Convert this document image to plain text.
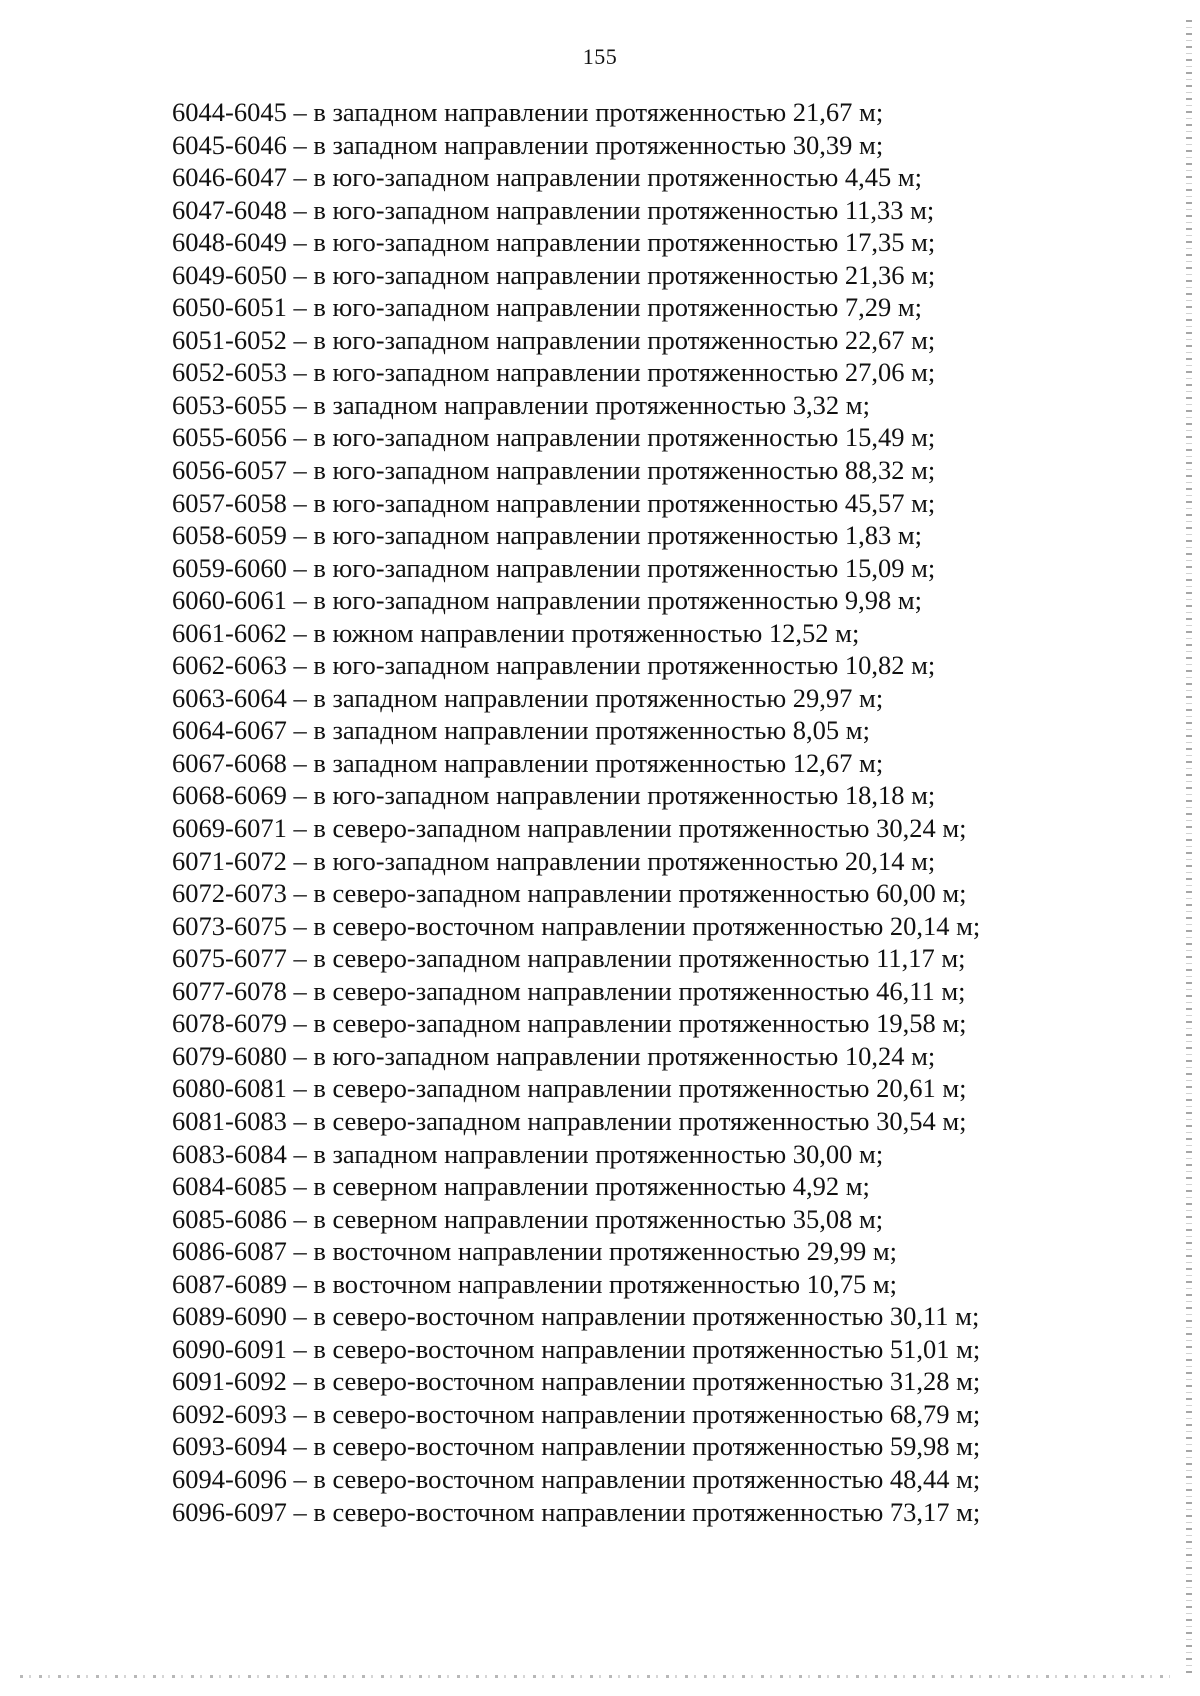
155
6044-6045 – в западном направлении протяженностью 21,67 м;
6045-6046 – в западном направлении протяженностью 30,39 м;
6046-6047 – в юго-западном направлении протяженностью 4,45 м;
6047-6048 – в юго-западном направлении протяженностью 11,33 м;
6048-6049 – в юго-западном направлении протяженностью 17,35 м;
6049-6050 – в юго-западном направлении протяженностью 21,36 м;
6050-6051 – в юго-западном направлении протяженностью 7,29 м;
6051-6052 – в юго-западном направлении протяженностью 22,67 м;
6052-6053 – в юго-западном направлении протяженностью 27,06 м;
6053-6055 – в западном направлении протяженностью 3,32 м;
6055-6056 – в юго-западном направлении протяженностью 15,49 м;
6056-6057 – в юго-западном направлении протяженностью 88,32 м;
6057-6058 – в юго-западном направлении протяженностью 45,57 м;
6058-6059 – в юго-западном направлении протяженностью 1,83 м;
6059-6060 – в юго-западном направлении протяженностью 15,09 м;
6060-6061 – в юго-западном направлении протяженностью 9,98 м;
6061-6062 – в южном направлении протяженностью 12,52 м;
6062-6063 – в юго-западном направлении протяженностью 10,82 м;
6063-6064 – в западном направлении протяженностью 29,97 м;
6064-6067 – в западном направлении протяженностью 8,05 м;
6067-6068 – в западном направлении протяженностью 12,67 м;
6068-6069 – в юго-западном направлении протяженностью 18,18 м;
6069-6071 – в северо-западном направлении протяженностью 30,24 м;
6071-6072 – в юго-западном направлении протяженностью 20,14 м;
6072-6073 – в северо-западном направлении протяженностью 60,00 м;
6073-6075 – в северо-восточном направлении протяженностью 20,14 м;
6075-6077 – в северо-западном направлении протяженностью 11,17 м;
6077-6078 – в северо-западном направлении протяженностью 46,11 м;
6078-6079 – в северо-западном направлении протяженностью 19,58 м;
6079-6080 – в юго-западном направлении протяженностью 10,24 м;
6080-6081 – в северо-западном направлении протяженностью 20,61 м;
6081-6083 – в северо-западном направлении протяженностью 30,54 м;
6083-6084 – в западном направлении протяженностью 30,00 м;
6084-6085 – в северном направлении протяженностью 4,92 м;
6085-6086 – в северном направлении протяженностью 35,08 м;
6086-6087 – в восточном направлении протяженностью 29,99 м;
6087-6089 – в восточном направлении протяженностью 10,75 м;
6089-6090 – в северо-восточном направлении протяженностью 30,11 м;
6090-6091 – в северо-восточном направлении протяженностью 51,01 м;
6091-6092 – в северо-восточном направлении протяженностью 31,28 м;
6092-6093 – в северо-восточном направлении протяженностью 68,79 м;
6093-6094 – в северо-восточном направлении протяженностью 59,98 м;
6094-6096 – в северо-восточном направлении протяженностью 48,44 м;
6096-6097 – в северо-восточном направлении протяженностью 73,17 м;
